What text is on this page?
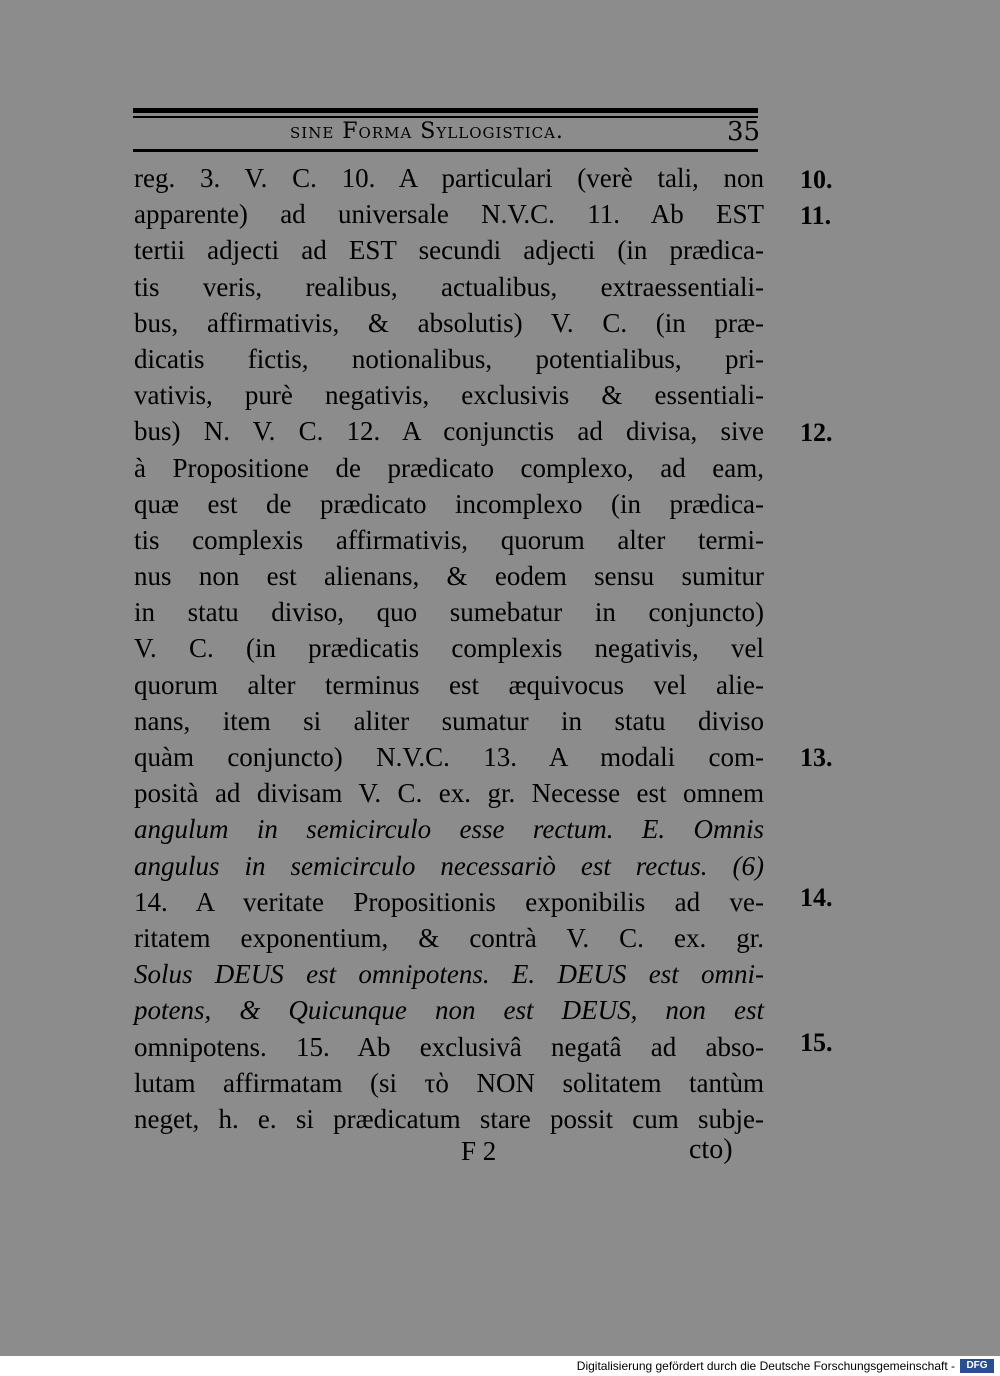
sine Forma Syllogistica.	35
reg. 3. V. C. 10. A particulari (verè tali, non
apparente) ad universale N.V.C. 11. Ab EST
tertii adjecti ad EST secundi adjecti (in prædica-
tis veris, realibus, actualibus, extraessentiali-
bus, affirmativis, & absolutis) V. C. (in præ-
dicatis fictis, notionalibus, potentialibus, pri-
vativis, purè negativis, exclusivis & essentiali-
bus) N. V. C. 12. A conjunctis ad divisa, sive
à Propositione de prædicato complexo, ad eam,
quæ est de prædicato incomplexo (in prædica-
tis complexis affirmativis, quorum alter termi-
nus non est alienans, & eodem sensu sumitur
in statu diviso, quo sumebatur in conjuncto)
V. C. (in prædicatis complexis negativis, vel
quorum alter terminus est æquivocus vel alie-
nans, item si aliter sumatur in statu diviso
quàm conjuncto) N.V.C. 13. A modali com-
posità ad divisam V. C. ex. gr. Necesse est omnem
angulum in semicirculo esse rectum. E. Omnis
angulus in semicirculo necessariò est rectus. (6)
14. A veritate Propositionis exponibilis ad ve-
ritatem exponentium, & contrà V. C. ex. gr.
Solus DEUS est omnipotens. E. DEUS est omni-
potens, & Quicunque non est DEUS, non est
omnipotens. 15. Ab exclusivâ negatâ ad abso-
lutam affirmatam (si τὸ NON solitatem tantùm
neget, h. e. si prædicatum stare possit cum subje-
10.
11.
12.
13.
14.
15.
F 2	cto)
Digitalisierung gefördert durch die Deutsche Forschungsgemeinschaft -	DFG
